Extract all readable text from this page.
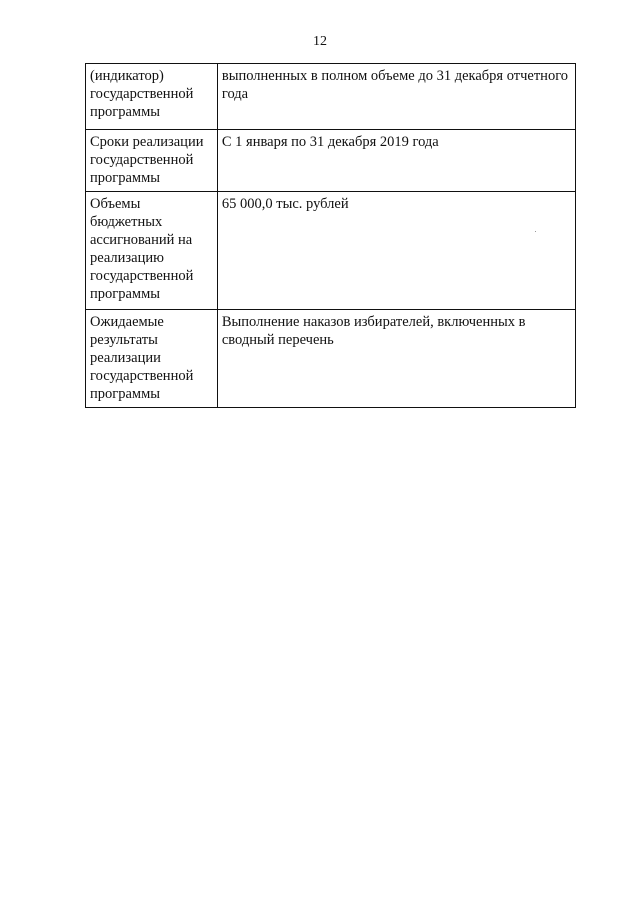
12
(индикатор) государственной программы	выполненных в полном объеме до 31 декабря отчетного года
Сроки реализации государственной программы	С 1 января по 31 декабря 2019 года
Объемы бюджетных ассигнований на реализацию государственной программы	65 000,0 тыс. рублей
Ожидаемые результаты реализации государственной программы	Выполнение наказов избирателей, включенных в сводный перечень
